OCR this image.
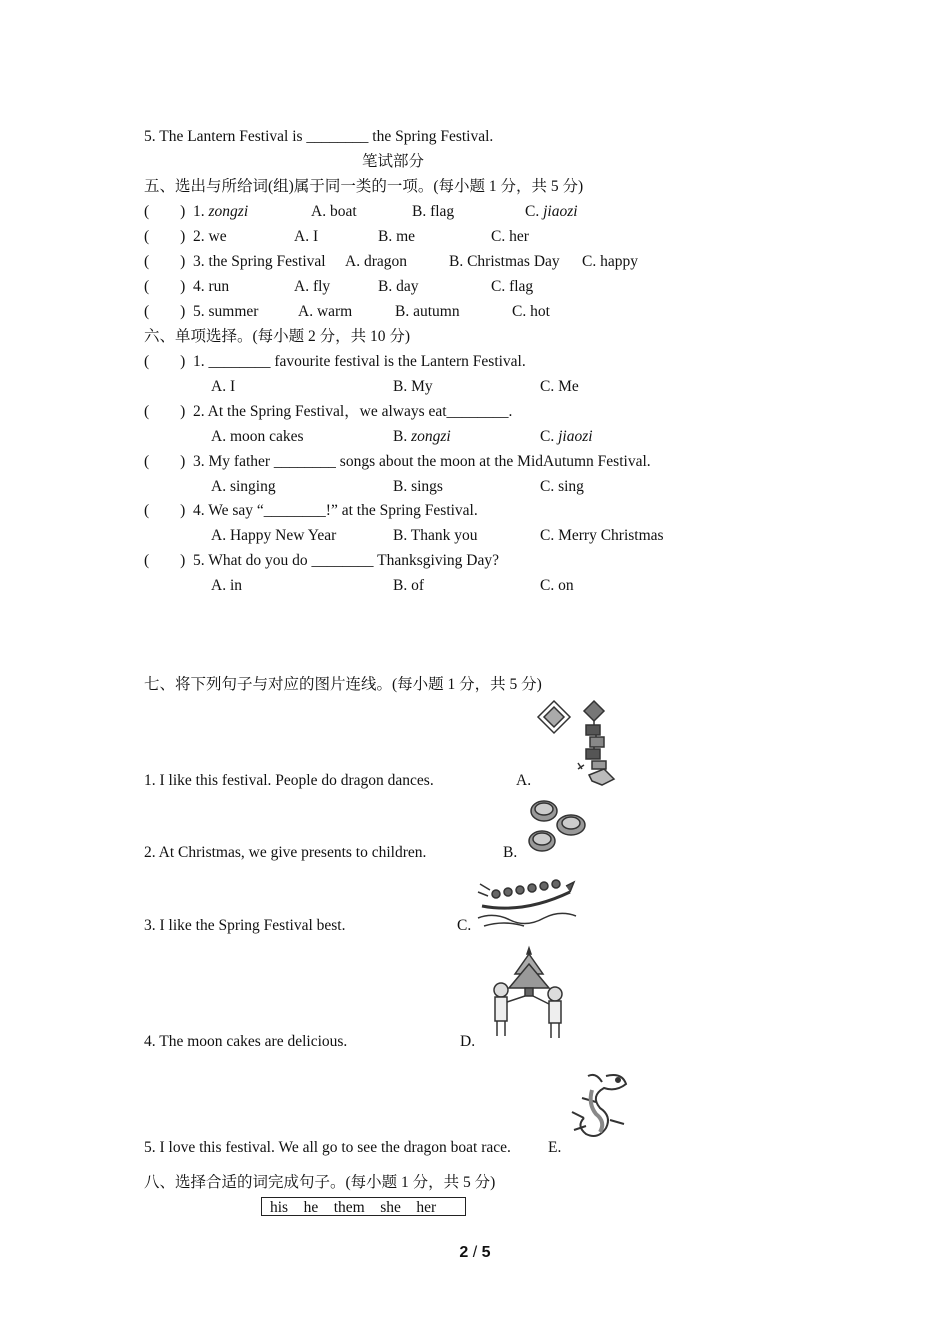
5. The Lantern Festival is ________ the Spring Festival.
笔试部分
五、选出与所给词(组)属于同一类的一项。(每小题 1 分，共 5 分)
(        ) 1. zongzi	A. boat	B. flag	C. jiaozi
(        ) 2. we	A. I	B. me	C. her
(        ) 3. the Spring Festival A. dragon	B. Christmas Day C. happy
(        ) 4. run	A. fly	B. day	C. flag
(        ) 5. summer	A. warm	B. autumn	C. hot
六、单项选择。(每小题 2 分，共 10 分)
(        ) 1. ________ favourite festival is the Lantern Festival.
A. I	B. My	C. Me
(        ) 2. At the Spring Festival，we always eat________.
A. moon cakes	B. zongzi	C. jiaozi
(        ) 3. My father ________ songs about the moon at the MidAutumn Festival.
A. singing	B. sings	C. sing
(        ) 4. We say “________!” at the Spring Festival.
A. Happy New Year	B. Thank you	C. Merry Christmas
(        ) 5. What do you do ________ Thanksgiving Day?
A. in	B. of	C. on
七、将下列句子与对应的图片连线。(每小题 1 分，共 5 分)
1. I like this festival. People do dragon dances.	A.
2. At Christmas, we give presents to children.	B.
3. I like the Spring Festival best.	C.
4. The moon cakes are delicious.	D.
5. I love this festival. We all go to see the dragon boat race. E.
八、选择合适的词完成句子。(每小题 1 分，共 5 分)
his    he    them    she    her
2 / 5
